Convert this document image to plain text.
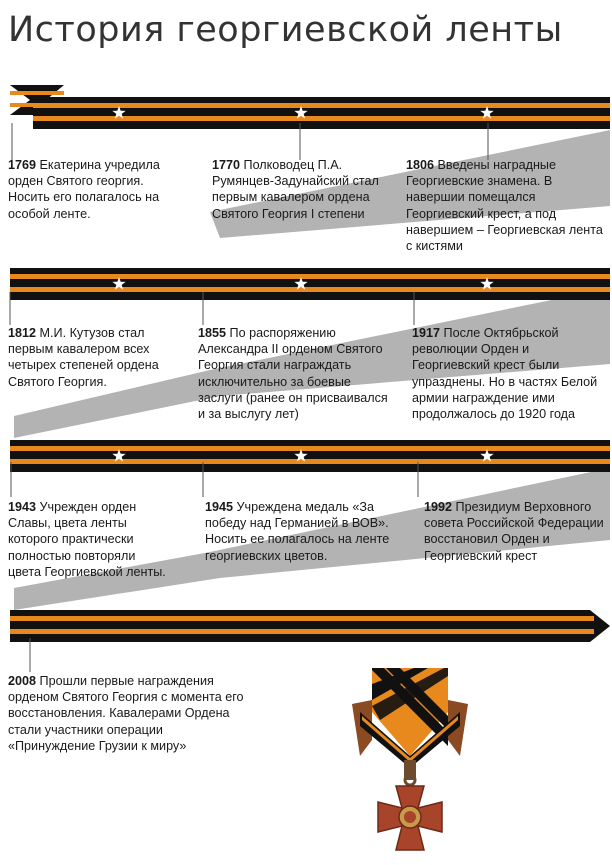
История георгиевской ленты
1769 Екатерина учредила орден Святого георгия. Носить его полагалось на особой ленте.
1770 Полководец П.А. Румянцев-Задунайский стал первым кавалером ордена Святого Георгия I степени
1806 Введены наградные Георгиевские знамена. В навершии помещался Георгиевский крест, а под навершием – Георгиевская лента с кистями
1812 М.И. Кутузов стал первым кавалером всех четырех степеней ордена Святого Георгия.
1855 По распоряжению Александра II орденом Святого Георгия стали награждать исключительно за боевые заслуги (ранее он присваивался и за выслугу лет)
1917 После Октябрьской революции Орден и Георгиевский крест были упразднены. Но в частях Белой армии награждение ими продолжалось до 1920 года
1943 Учрежден орден Славы, цвета ленты которого практически полностью повторяли цвета Георгиевской ленты.
1945 Учреждена медаль «За победу над Германией в ВОВ». Носить ее полагалось на ленте георгиевских цветов.
1992 Президиум Верховного совета Российской Федерации восстановил Орден и Георгиевский крест
2008 Прошли первые награждения орденом Святого Георгия с момента его восстановления. Кавалерами Ордена стали участники операции «Принуждение Грузии к миру»
